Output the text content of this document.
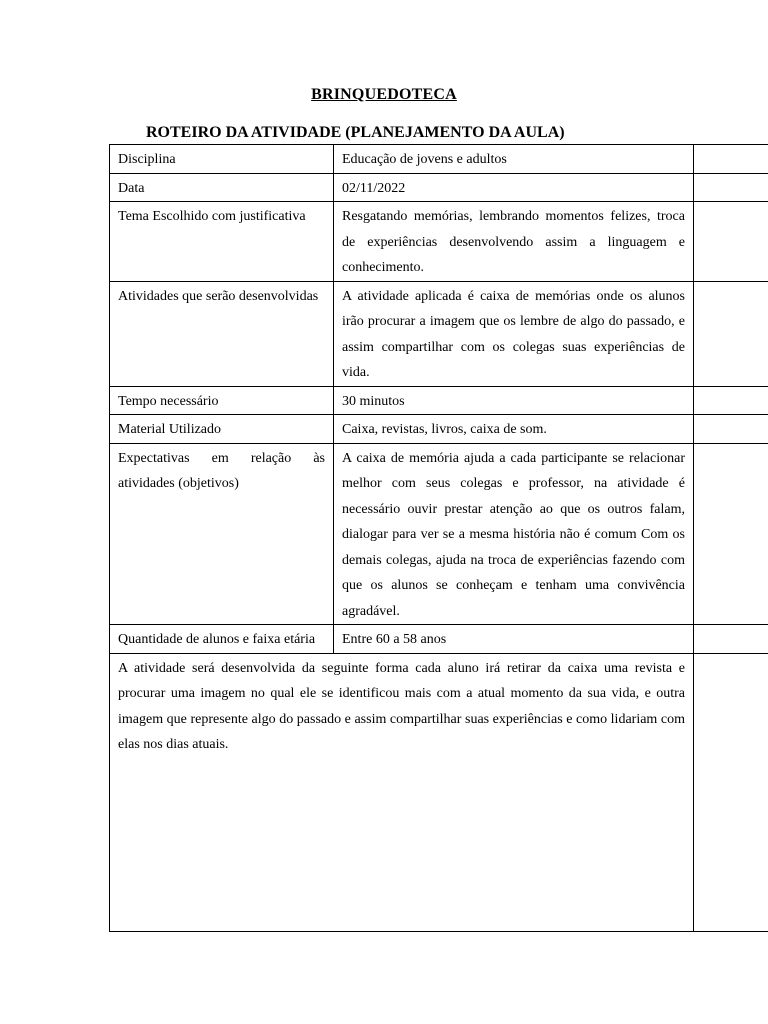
BRINQUEDOTECA
ROTEIRO DA ATIVIDADE (PLANEJAMENTO DA AULA)
Disciplina	Educação de jovens e adultos	
Data	02/11/2022	
Tema Escolhido com justificativa	Resgatando memórias, lembrando momentos felizes, troca de experiências desenvolvendo assim a linguagem e conhecimento.	
Atividades que serão desenvolvidas	A atividade aplicada é caixa de memórias onde os alunos irão procurar a imagem que os lembre de algo do passado, e assim compartilhar com os colegas suas experiências de vida.	
Tempo necessário	30 minutos	
Material Utilizado	Caixa, revistas, livros, caixa de som.	
Expectativas em relação às atividades (objetivos)	A caixa de memória ajuda a cada participante se relacionar melhor com seus colegas e professor, na atividade é necessário ouvir prestar atenção ao que os outros falam, dialogar para ver se a mesma história não é comum Com os demais colegas, ajuda na troca de experiências fazendo com que os alunos se conheçam e tenham uma convivência agradável.	
Quantidade de alunos e faixa etária	Entre 60 a 58 anos	
A atividade será desenvolvida da seguinte forma cada aluno irá retirar da caixa uma revista e procurar uma imagem no qual ele se identificou mais com a atual momento da sua vida, e outra imagem que represente algo do passado e assim compartilhar suas experiências e como lidariam com elas nos dias atuais.		
